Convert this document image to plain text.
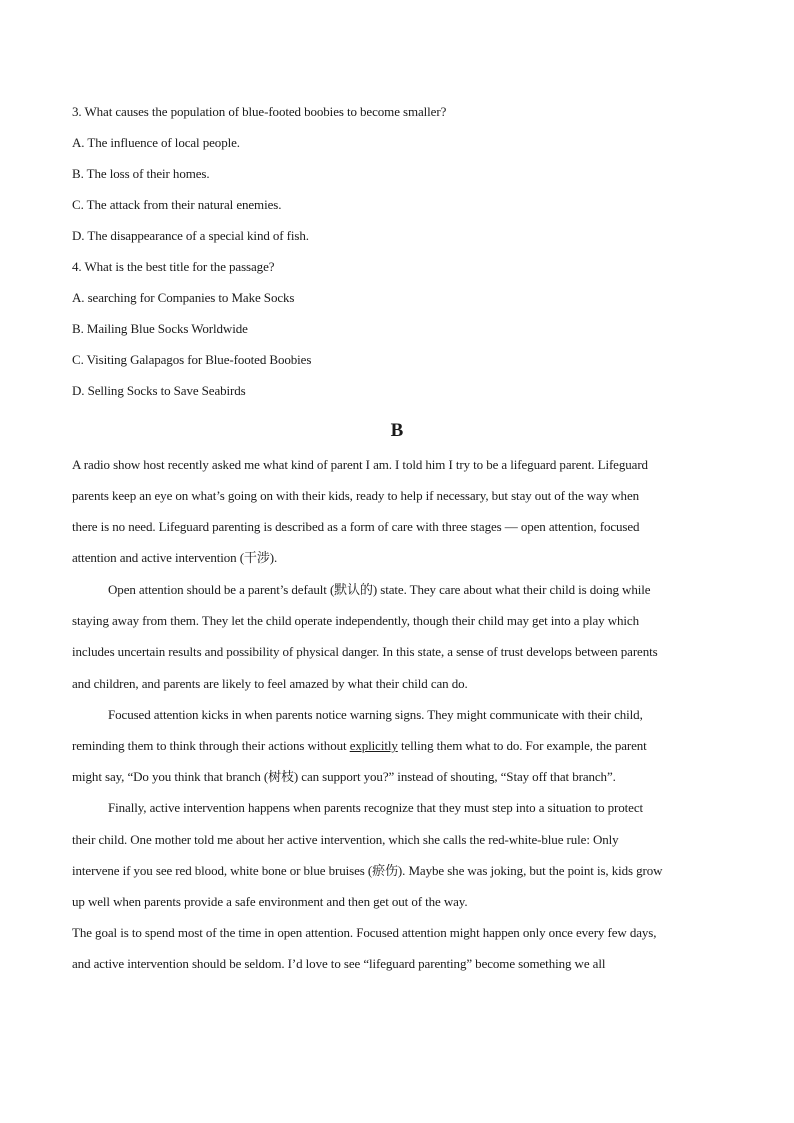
3. What causes the population of blue-footed boobies to become smaller?
A. The influence of local people.
B. The loss of their homes.
C. The attack from their natural enemies.
D. The disappearance of a special kind of fish.
4. What is the best title for the passage?
A. searching for Companies to Make Socks
B. Mailing Blue Socks Worldwide
C. Visiting Galapagos for Blue-footed Boobies
D. Selling Socks to Save Seabirds
B
A radio show host recently asked me what kind of parent I am. I told him I try to be a lifeguard parent. Lifeguard
parents keep an eye on what’s going on with their kids, ready to help if necessary, but stay out of the way when
there is no need. Lifeguard parenting is described as a form of care with three stages — open attention, focused
attention and active intervention (干涉).
Open attention should be a parent’s default (默认的) state. They care about what their child is doing while
staying away from them. They let the child operate independently, though their child may get into a play which
includes uncertain results and possibility of physical danger. In this state, a sense of trust develops between parents
and children, and parents are likely to feel amazed by what their child can do.
Focused attention kicks in when parents notice warning signs. They might communicate with their child,
reminding them to think through their actions without explicitly telling them what to do. For example, the parent
might say, “Do you think that branch (树枝) can support you?” instead of shouting, “Stay off that branch”.
Finally, active intervention happens when parents recognize that they must step into a situation to protect
their child. One mother told me about her active intervention, which she calls the red-white-blue rule: Only
intervene if you see red blood, white bone or blue bruises (瘀伤). Maybe she was joking, but the point is, kids grow
up well when parents provide a safe environment and then get out of the way.
The goal is to spend most of the time in open attention. Focused attention might happen only once every few days,
and active intervention should be seldom. I’d love to see “lifeguard parenting” become something we all
